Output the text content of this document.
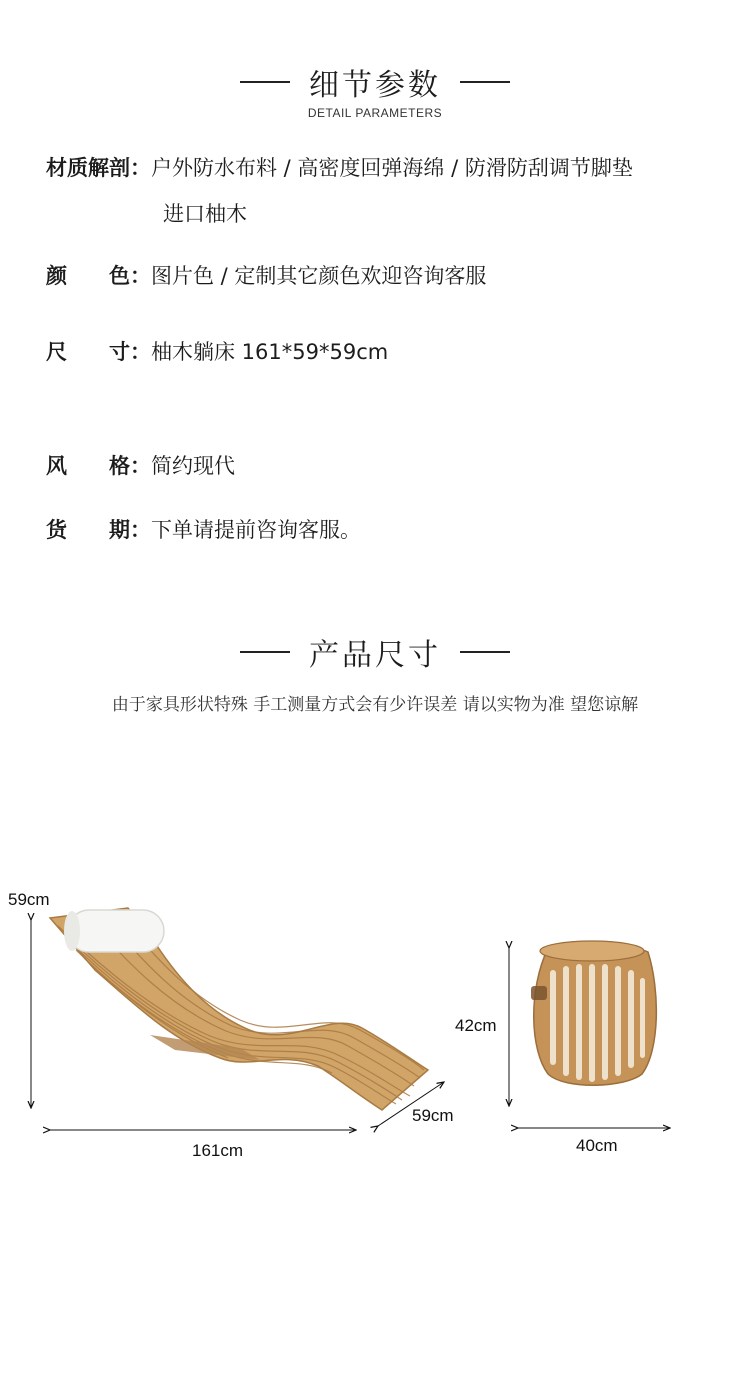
细节参数
DETAIL PARAMETERS
材质解剖：户外防水布料 / 高密度回弹海绵 / 防滑防刮调节脚垫
进口柚木
颜　　色：图片色 / 定制其它颜色欢迎咨询客服
尺　　寸：柚木躺床 161*59*59cm
风　　格：简约现代
货　　期：下单请提前咨询客服。
产品尺寸
由于家具形状特殊 手工测量方式会有少许误差 请以实物为准 望您谅解
59cm
59cm
161cm
42cm
40cm
